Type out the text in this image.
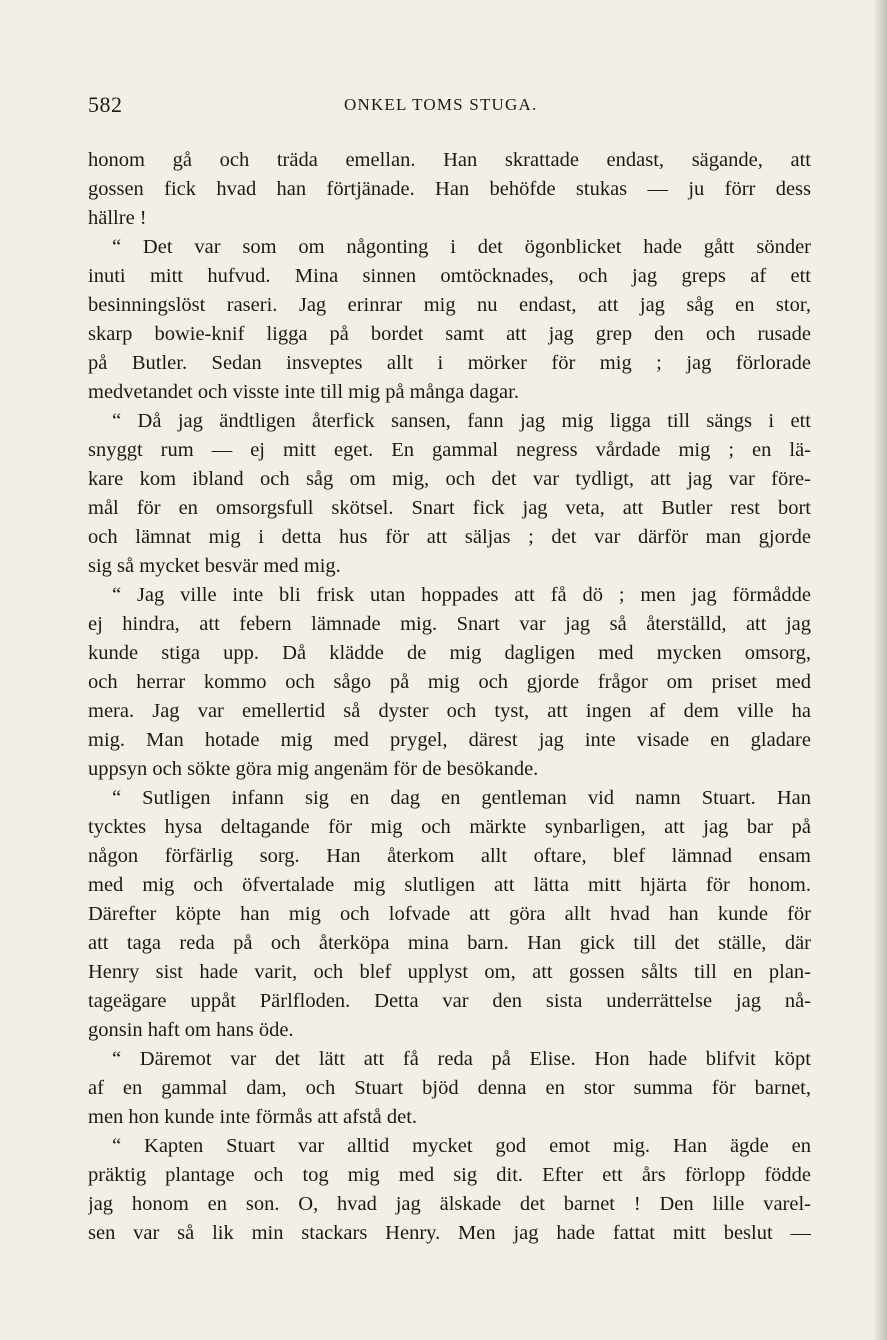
582	ONKEL TOMS STUGA.
honom gå och träda emellan. Han skrattade endast, sägande, att
gossen fick hvad han förtjänade. Han behöfde stukas — ju förr dess
hällre !
“ Det var som om någonting i det ögonblicket hade gått sönder
inuti mitt hufvud. Mina sinnen omtöcknades, och jag greps af ett
besinningslöst raseri. Jag erinrar mig nu endast, att jag såg en stor,
skarp bowie-knif ligga på bordet samt att jag grep den och rusade
på Butler. Sedan insveptes allt i mörker för mig ; jag förlorade
medvetandet och visste inte till mig på många dagar.
“ Då jag ändtligen återfick sansen, fann jag mig ligga till sängs i ett
snyggt rum — ej mitt eget. En gammal negress vårdade mig ; en lä-
kare kom ibland och såg om mig, och det var tydligt, att jag var före-
mål för en omsorgsfull skötsel. Snart fick jag veta, att Butler rest bort
och lämnat mig i detta hus för att säljas ; det var därför man gjorde
sig så mycket besvär med mig.
“ Jag ville inte bli frisk utan hoppades att få dö ; men jag förmådde
ej hindra, att febern lämnade mig. Snart var jag så återställd, att jag
kunde stiga upp. Då klädde de mig dagligen med mycken omsorg,
och herrar kommo och sågo på mig och gjorde frågor om priset med
mera. Jag var emellertid så dyster och tyst, att ingen af dem ville ha
mig. Man hotade mig med prygel, därest jag inte visade en gladare
uppsyn och sökte göra mig angenäm för de besökande.
“ Sutligen infann sig en dag en gentleman vid namn Stuart. Han
tycktes hysa deltagande för mig och märkte synbarligen, att jag bar på
någon förfärlig sorg. Han återkom allt oftare, blef lämnad ensam
med mig och öfvertalade mig slutligen att lätta mitt hjärta för honom.
Därefter köpte han mig och lofvade att göra allt hvad han kunde för
att taga reda på och återköpa mina barn. Han gick till det ställe, där
Henry sist hade varit, och blef upplyst om, att gossen sålts till en plan-
tageägare uppåt Pärlfloden. Detta var den sista underrättelse jag nå-
gonsin haft om hans öde.
“ Däremot var det lätt att få reda på Elise. Hon hade blifvit köpt
af en gammal dam, och Stuart bjöd denna en stor summa för barnet,
men hon kunde inte förmås att afstå det.
“ Kapten Stuart var alltid mycket god emot mig. Han ägde en
präktig plantage och tog mig med sig dit. Efter ett års förlopp födde
jag honom en son. O, hvad jag älskade det barnet ! Den lille varel-
sen var så lik min stackars Henry. Men jag hade fattat mitt beslut —
